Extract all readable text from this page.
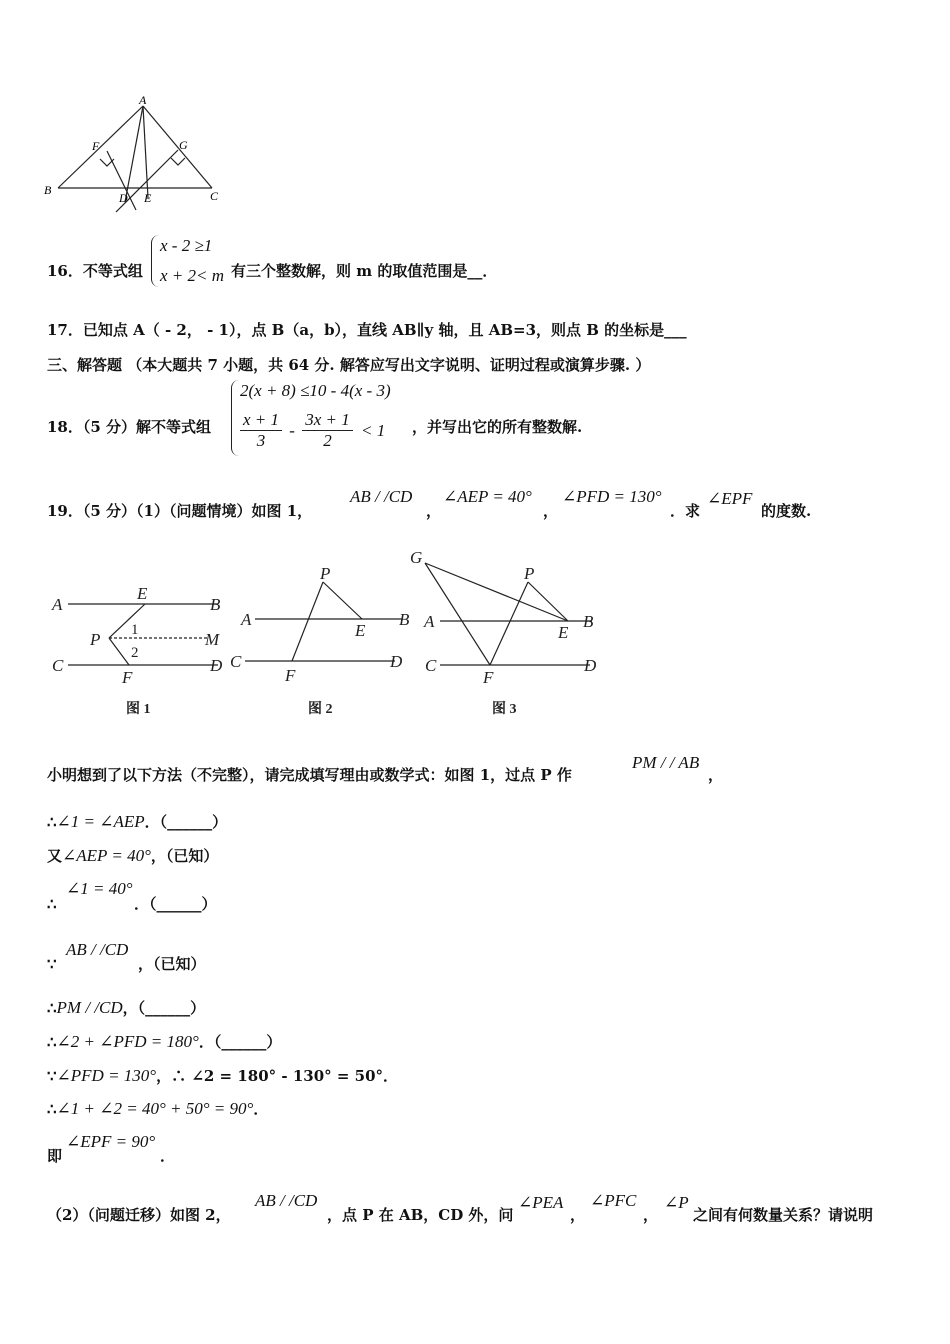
A
F	G
B
D E	C
16．不等式组
x - 2 ≥1
x + 2< m 有三个整数解，则 m 的取值范围是__．
17．已知点 A（ - 2， - 1），点 B（a，b），直线 AB∥y 轴，且 AB=3，则点 B 的坐标是___
三、解答题 （本大题共 7 小题，共 64 分. 解答应写出文字说明、证明过程或演算步骤. ）
18．（5 分）解不等式组
2(x + 8) ≤10 - 4(x - 3)
$\frac{x + 1}{3} - \frac{3x + 1}{2} < 1$ ，并写出它的所有整数解.
19．（5 分）（1）（问题情境）如图 1，
AB / /CD
，
∠AEP = 40°
，
∠PFD = 130°
．求
∠EPF
的度数.
A
E
B
P 1	M
2
C
F
D
P
A
E
B
C
F
D
G
P
A
E
B
C
F
D
图 1	图 2	图 3
小明想到了以下方法（不完整），请完成填写理由或数学式：如图 1，过点 P 作
PM / / AB
，
∴∠1 = ∠AEP．（______）
又∠AEP = 40°，（已知）
∴
∠1 = 40°
．（______）
∵
AB / /CD
，（已知）
∴PM / /CD，（______）
∴∠2 + ∠PFD = 180°．（______）
∵∠PFD = 130°，∴ ∠2 = 180° - 130° = 50°．
∴∠1 + ∠2 = 40° + 50° = 90°．
即
∠EPF = 90°
．
（2）（问题迁移）如图 2，
AB / /CD
，点 P 在 AB，CD 外，问
∠PEA
，
∠PFC
，
∠P
之间有何数量关系？请说明
